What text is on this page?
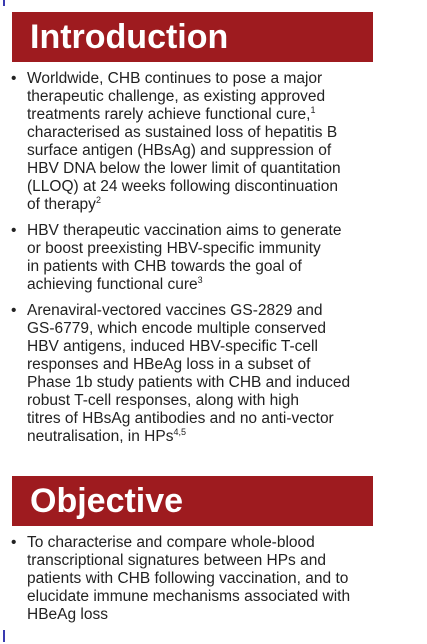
Introduction
• Worldwide, CHB continues to pose a major
therapeutic challenge, as existing approved
treatments rarely achieve functional cure,$^1$
characterised as sustained loss of hepatitis B
surface antigen (HBsAg) and suppression of
HBV DNA below the lower limit of quantitation
(LLOQ) at 24 weeks following discontinuation
of therapy$^2$
• HBV therapeutic vaccination aims to generate
or boost preexisting HBV-specific immunity
in patients with CHB towards the goal of
achieving functional cure$^3$
• Arenaviral-vectored vaccines GS-2829 and
GS-6779, which encode multiple conserved
HBV antigens, induced HBV-specific T-cell
responses and HBeAg loss in a subset of
Phase 1b study patients with CHB and induced
robust T-cell responses, along with high
titres of HBsAg antibodies and no anti-vector
neutralisation, in HPs$^{4,5}$
Objective
• To characterise and compare whole-blood
transcriptional signatures between HPs and
patients with CHB following vaccination, and to
elucidate immune mechanisms associated with
HBeAg loss
